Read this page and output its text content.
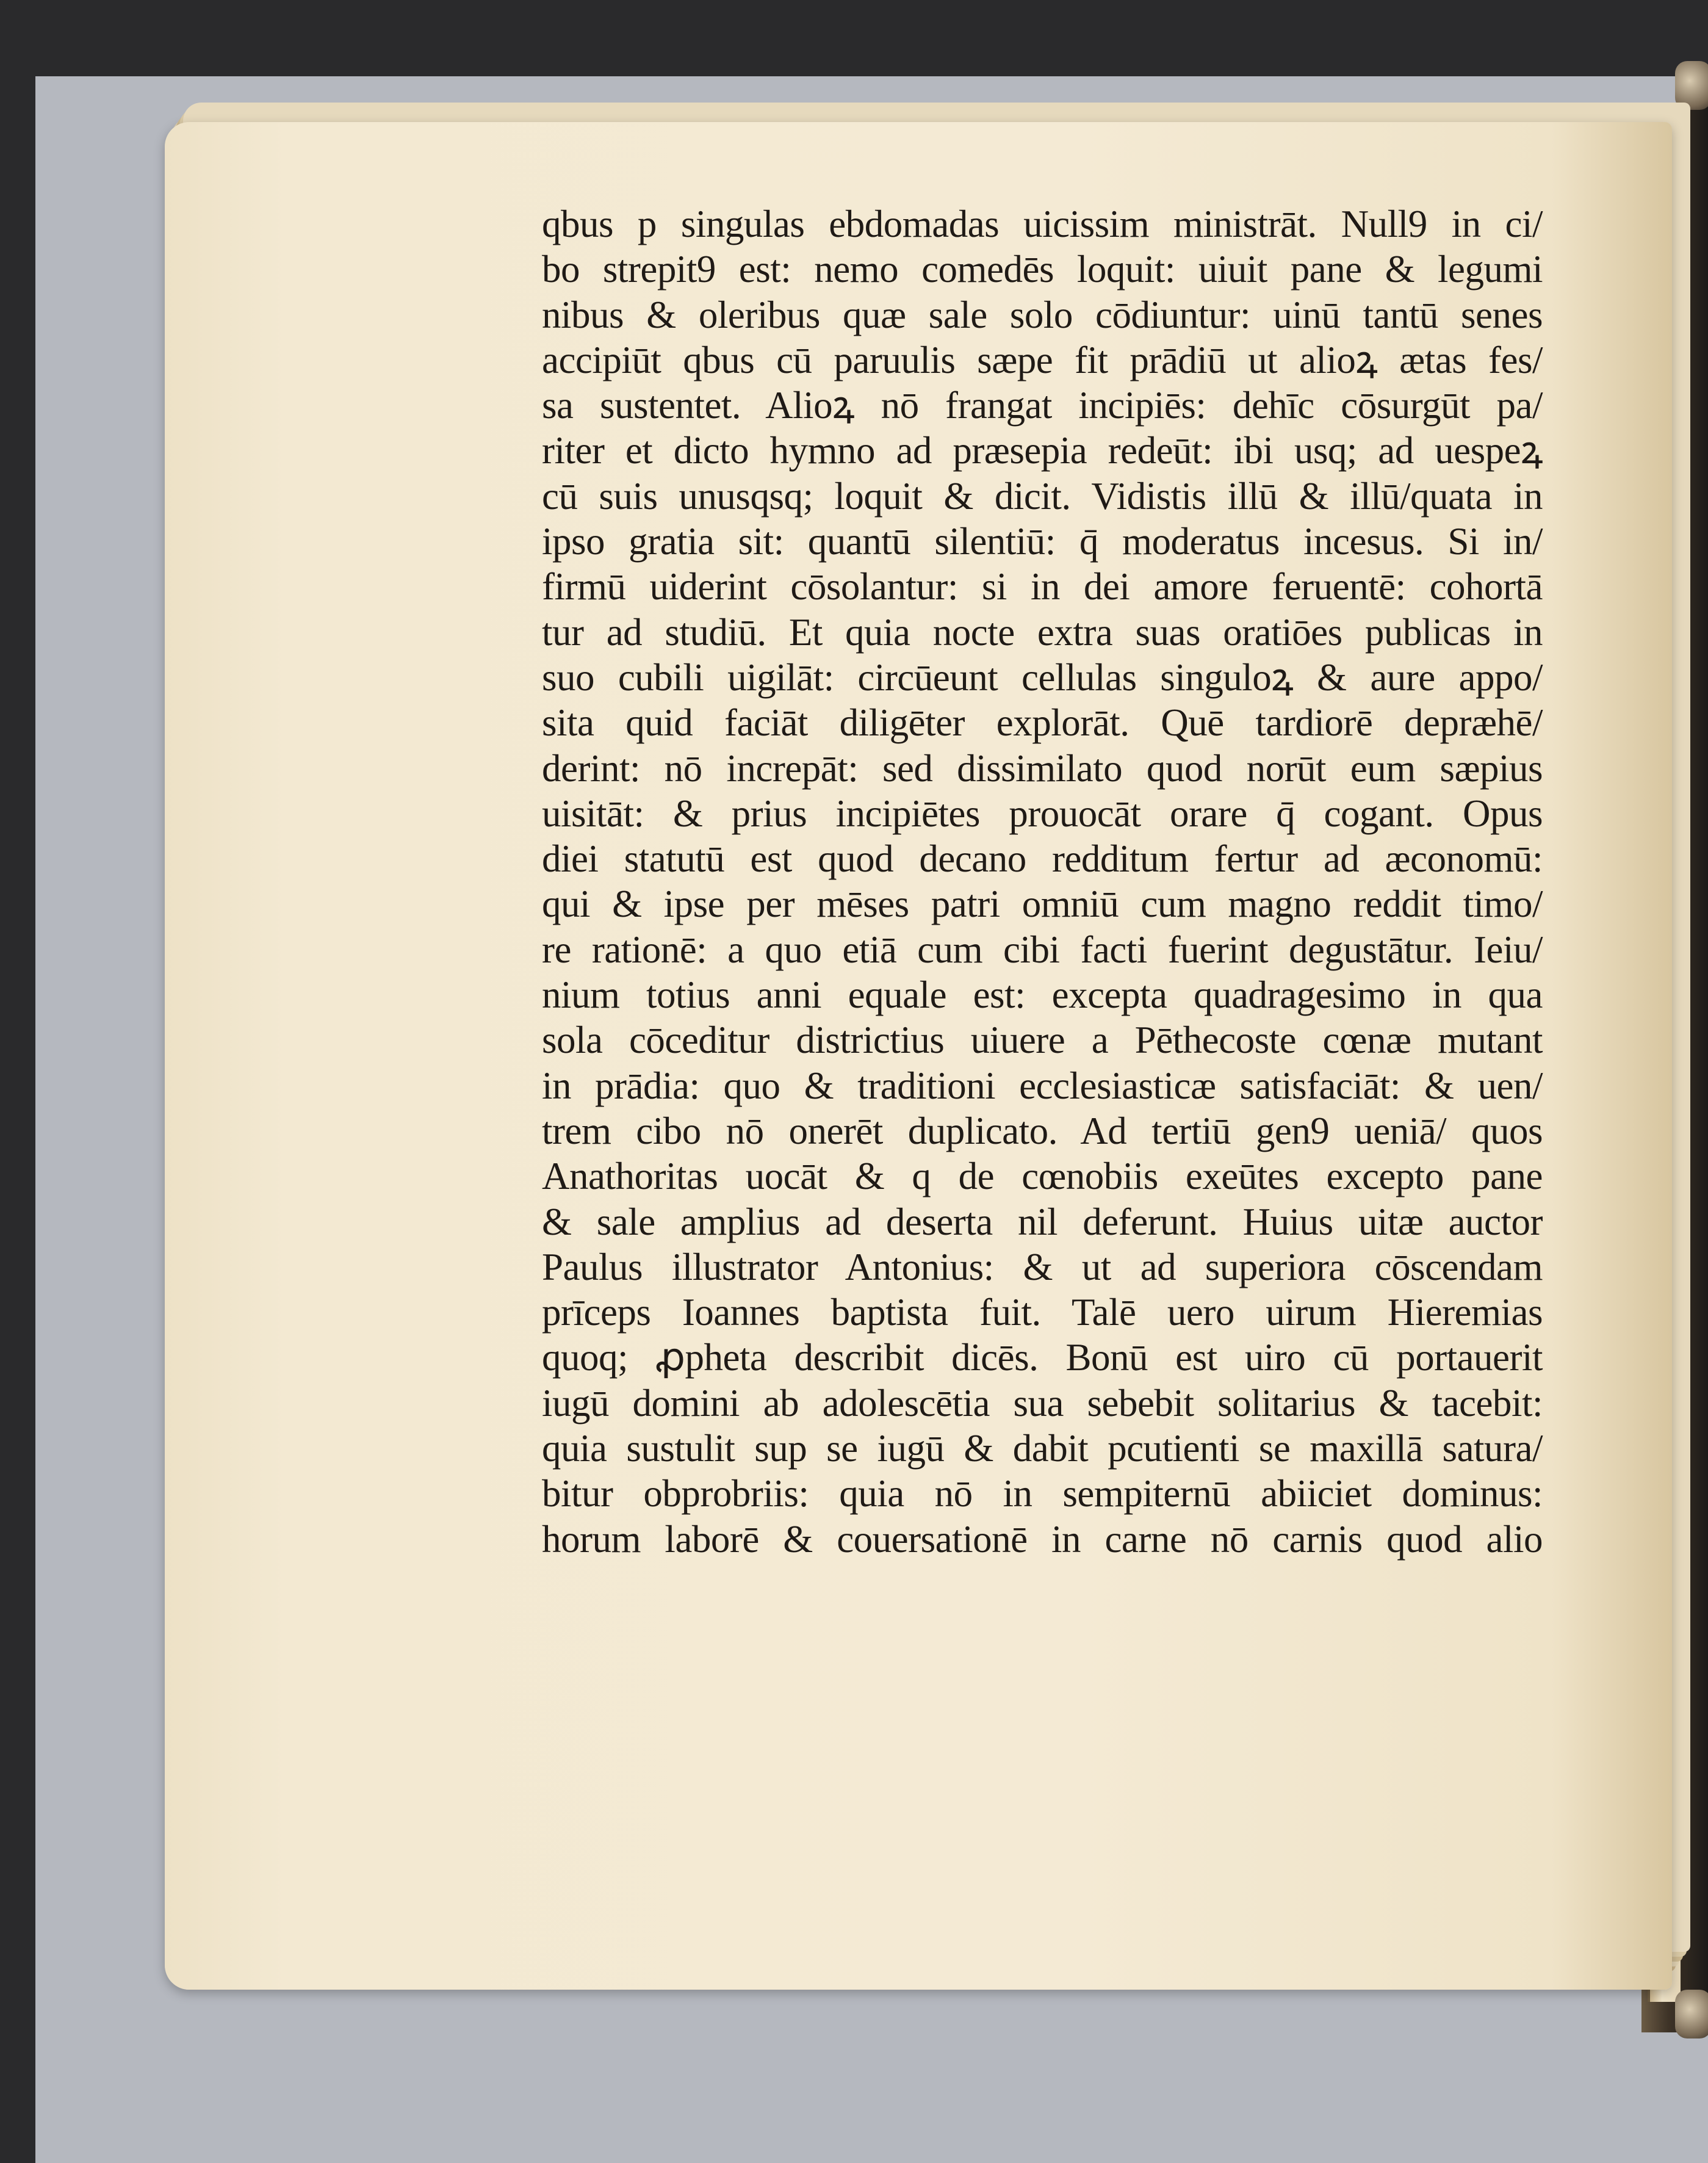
qbus p singulas ebdomadas uicissim ministrāt. Null9 in ci/
bo strepit9 est: nemo comedēs loquit: uiuit pane & legumi
nibus & oleribus quæ sale solo cōdiuntur: uinū tantū senes
accipiūt qbus cū paruulis sæpe fit prādiū ut alioꝝ ætas fes/
sa sustentet. Alioꝝ nō frangat incipiēs: dehīc cōsurgūt pa/
riter et dicto hymno ad præsepia redeūt: ibi usq; ad uespeꝝ
cū suis unusqsq; loquit & dicit. Vidistis illū & illū/quata in
ipso gratia sit: quantū silentiū: q̄ moderatus incesus. Si in/
firmū uiderint cōsolantur: si in dei amore feruentē: cohortā
tur ad studiū. Et quia nocte extra suas oratiōes publicas in
suo cubili uigilāt: circūeunt cellulas singuloꝝ & aure appo/
sita quid faciāt diligēter explorāt. Quē tardiorē depræhē/
derint: nō increpāt: sed dissimilato quod norūt eum sæpius
uisitāt: & prius incipiētes prouocāt orare q̄ cogant. Opus
diei statutū est quod decano redditum fertur ad æconomū:
qui & ipse per mēses patri omniū cum magno reddit timo/
re rationē: a quo etiā cum cibi facti fuerint degustātur. Ieiu/
nium totius anni equale est: excepta quadragesimo in qua
sola cōceditur districtius uiuere a Pēthecoste cœnæ mutant
in prādia: quo & traditioni ecclesiasticæ satisfaciāt: & uen/
trem cibo nō onerēt duplicato. Ad tertiū gen9 ueniā/ quos
Anathoritas uocāt & q de cœnobiis exeūtes excepto pane
& sale amplius ad deserta nil deferunt. Huius uitæ auctor
Paulus illustrator Antonius: & ut ad superiora cōscendam
prīceps Ioannes baptista fuit. Talē uero uirum Hieremias
quoq; ꝓpheta describit dicēs. Bonū est uiro cū portauerit
iugū domini ab adolescētia sua sebebit solitarius & tacebit:
quia sustulit sup se iugū & dabit pcutienti se maxillā satura/
bitur obprobriis: quia nō in sempiternū abiiciet dominus:
horum laborē & couersationē in carne nō carnis quod alio
